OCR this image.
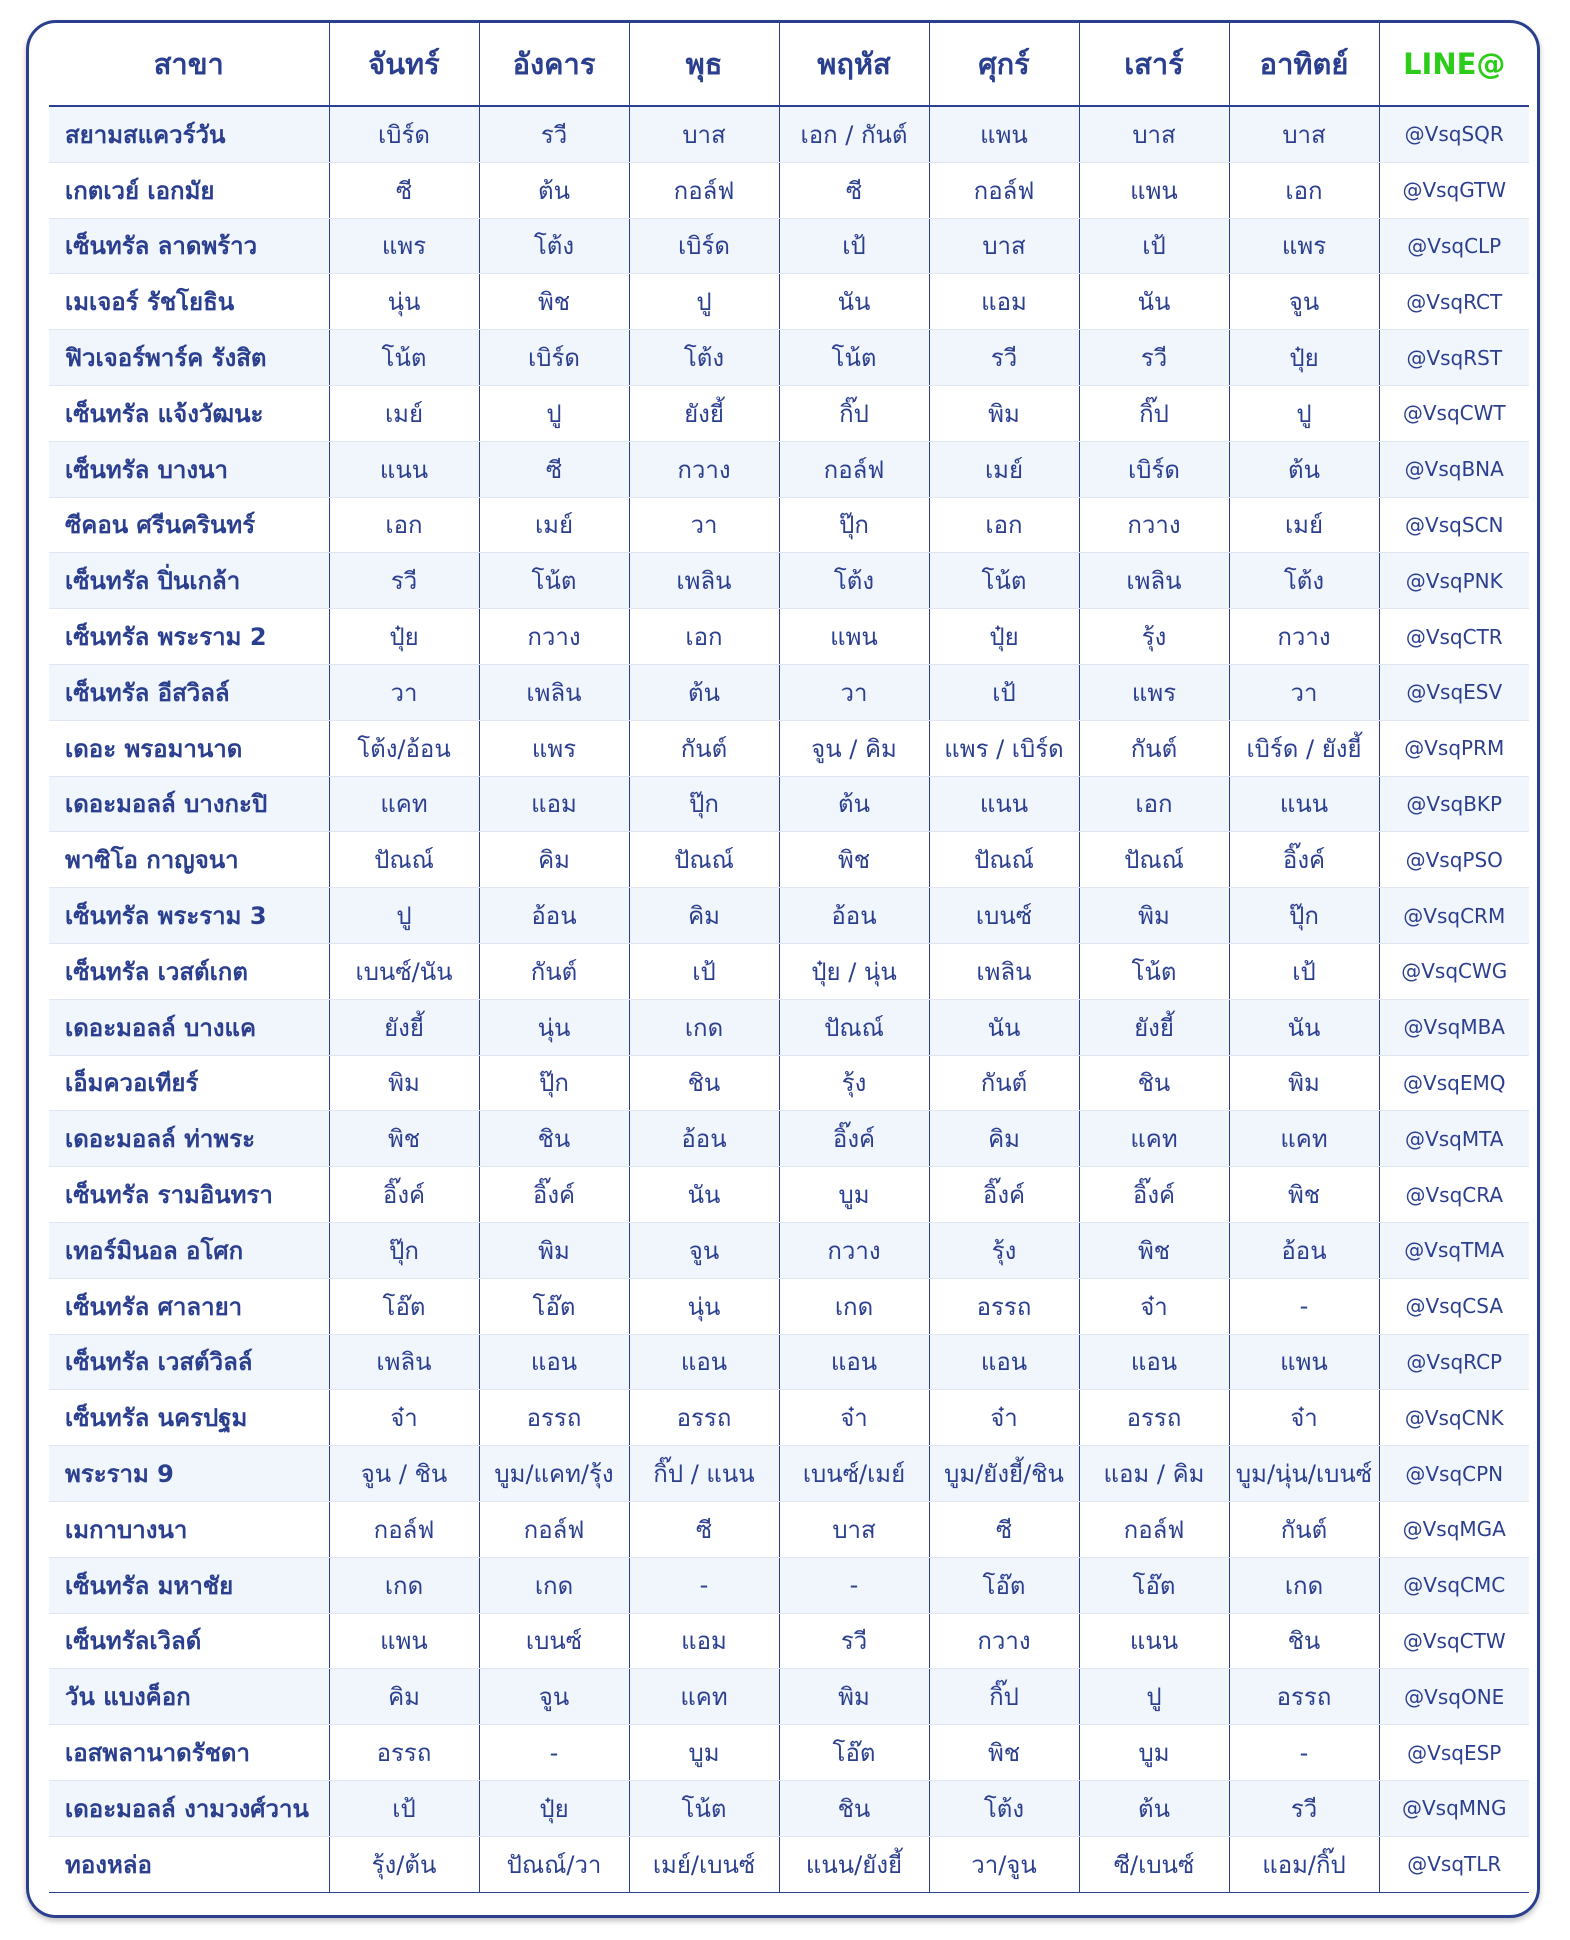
สาขา	จันทร์	อังคาร	พุธ	พฤหัส	ศุกร์	เสาร์	อาทิตย์	LINE@
สยามสแควร์วัน	เบิร์ด	รวี	บาส	เอก / กันต์	แพน	บาส	บาส	@VsqSQR
เกตเวย์ เอกมัย	ซี	ต้น	กอล์ฟ	ซี	กอล์ฟ	แพน	เอก	@VsqGTW
เซ็นทรัล ลาดพร้าว	แพร	โต้ง	เบิร์ด	เป้	บาส	เป้	แพร	@VsqCLP
เมเจอร์ รัชโยธิน	นุ่น	พิช	ปู	นัน	แอม	นัน	จูน	@VsqRCT
ฟิวเจอร์พาร์ค รังสิต	โน้ต	เบิร์ด	โต้ง	โน้ต	รวี	รวี	ปุ๋ย	@VsqRST
เซ็นทรัล แจ้งวัฒนะ	เมย์	ปู	ยังยี้	กิ๊ป	พิม	กิ๊ป	ปู	@VsqCWT
เซ็นทรัล บางนา	แนน	ซี	กวาง	กอล์ฟ	เมย์	เบิร์ด	ต้น	@VsqBNA
ซีคอน ศรีนครินทร์	เอก	เมย์	วา	ปุ๊ก	เอก	กวาง	เมย์	@VsqSCN
เซ็นทรัล ปิ่นเกล้า	รวี	โน้ต	เพลิน	โต้ง	โน้ต	เพลิน	โต้ง	@VsqPNK
เซ็นทรัล พระราม 2	ปุ๋ย	กวาง	เอก	แพน	ปุ๋ย	รุ้ง	กวาง	@VsqCTR
เซ็นทรัล อีสวิลล์	วา	เพลิน	ต้น	วา	เป้	แพร	วา	@VsqESV
เดอะ พรอมานาด	โต้ง/อ้อน	แพร	กันต์	จูน / คิม	แพร / เบิร์ด	กันต์	เบิร์ด / ยังยี้	@VsqPRM
เดอะมอลล์ บางกะปิ	แคท	แอม	ปุ๊ก	ต้น	แนน	เอก	แนน	@VsqBKP
พาซิโอ กาญจนา	ปัณณ์	คิม	ปัณณ์	พิช	ปัณณ์	ปัณณ์	อิ๊งค์	@VsqPSO
เซ็นทรัล พระราม 3	ปู	อ้อน	คิม	อ้อน	เบนซ์	พิม	ปุ๊ก	@VsqCRM
เซ็นทรัล เวสต์เกต	เบนซ์/นัน	กันต์	เป้	ปุ๋ย / นุ่น	เพลิน	โน้ต	เป้	@VsqCWG
เดอะมอลล์ บางแค	ยังยี้	นุ่น	เกด	ปัณณ์	นัน	ยังยี้	นัน	@VsqMBA
เอ็มควอเทียร์	พิม	ปุ๊ก	ชิน	รุ้ง	กันต์	ชิน	พิม	@VsqEMQ
เดอะมอลล์ ท่าพระ	พิช	ชิน	อ้อน	อิ๊งค์	คิม	แคท	แคท	@VsqMTA
เซ็นทรัล รามอินทรา	อิ๊งค์	อิ๊งค์	นัน	บูม	อิ๊งค์	อิ๊งค์	พิช	@VsqCRA
เทอร์มินอล อโศก	ปุ๊ก	พิม	จูน	กวาง	รุ้ง	พิช	อ้อน	@VsqTMA
เซ็นทรัล ศาลายา	โอ๊ต	โอ๊ต	นุ่น	เกด	อรรถ	จ๋า	-	@VsqCSA
เซ็นทรัล เวสต์วิลล์	เพลิน	แอน	แอน	แอน	แอน	แอน	แพน	@VsqRCP
เซ็นทรัล นครปฐม	จ๋า	อรรถ	อรรถ	จ๋า	จ๋า	อรรถ	จ๋า	@VsqCNK
พระราม 9	จูน / ชิน	บูม/แคท/รุ้ง	กิ๊ป / แนน	เบนซ์/เมย์	บูม/ยังยี้/ชิน	แอม / คิม	บูม/นุ่น/เบนซ์	@VsqCPN
เมกาบางนา	กอล์ฟ	กอล์ฟ	ซี	บาส	ซี	กอล์ฟ	กันต์	@VsqMGA
เซ็นทรัล มหาชัย	เกด	เกด	-	-	โอ๊ต	โอ๊ต	เกด	@VsqCMC
เซ็นทรัลเวิลด์	แพน	เบนซ์	แอม	รวี	กวาง	แนน	ชิน	@VsqCTW
วัน แบงค็อก	คิม	จูน	แคท	พิม	กิ๊ป	ปู	อรรถ	@VsqONE
เอสพลานาดรัชดา	อรรถ	-	บูม	โอ๊ต	พิช	บูม	-	@VsqESP
เดอะมอลล์ งามวงศ์วาน	เป้	ปุ๋ย	โน้ต	ชิน	โต้ง	ต้น	รวี	@VsqMNG
ทองหล่อ	รุ้ง/ต้น	ปัณณ์/วา	เมย์/เบนซ์	แนน/ยังยี้	วา/จูน	ซี/เบนซ์	แอม/กิ๊ป	@VsqTLR
